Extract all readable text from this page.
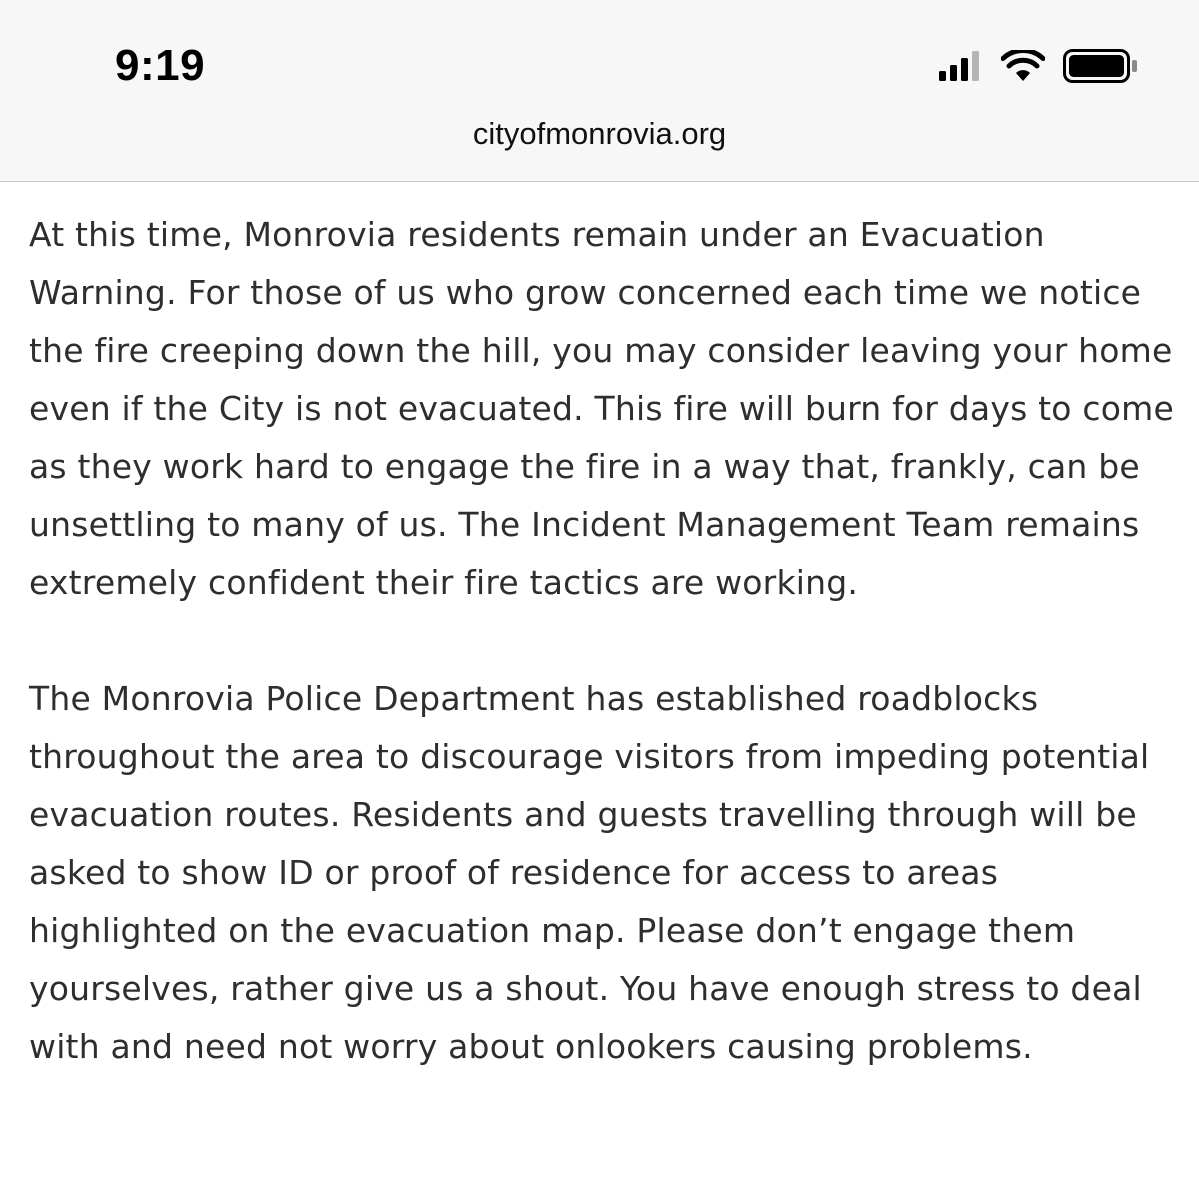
9:19
cityofmonrovia.org

At this time, Monrovia residents remain under an Evacuation Warning. For those of us who grow concerned each time we notice the fire creeping down the hill, you may consider leaving your home even if the City is not evacuated. This fire will burn for days to come as they work hard to engage the fire in a way that, frankly, can be unsettling to many of us. The Incident Management Team remains extremely confident their fire tactics are working.

The Monrovia Police Department has established roadblocks throughout the area to discourage visitors from impeding potential evacuation routes. Residents and guests travelling through will be asked to show ID or proof of residence for access to areas highlighted on the evacuation map. Please don’t engage them yourselves, rather give us a shout. You have enough stress to deal with and need not worry about onlookers causing problems.
